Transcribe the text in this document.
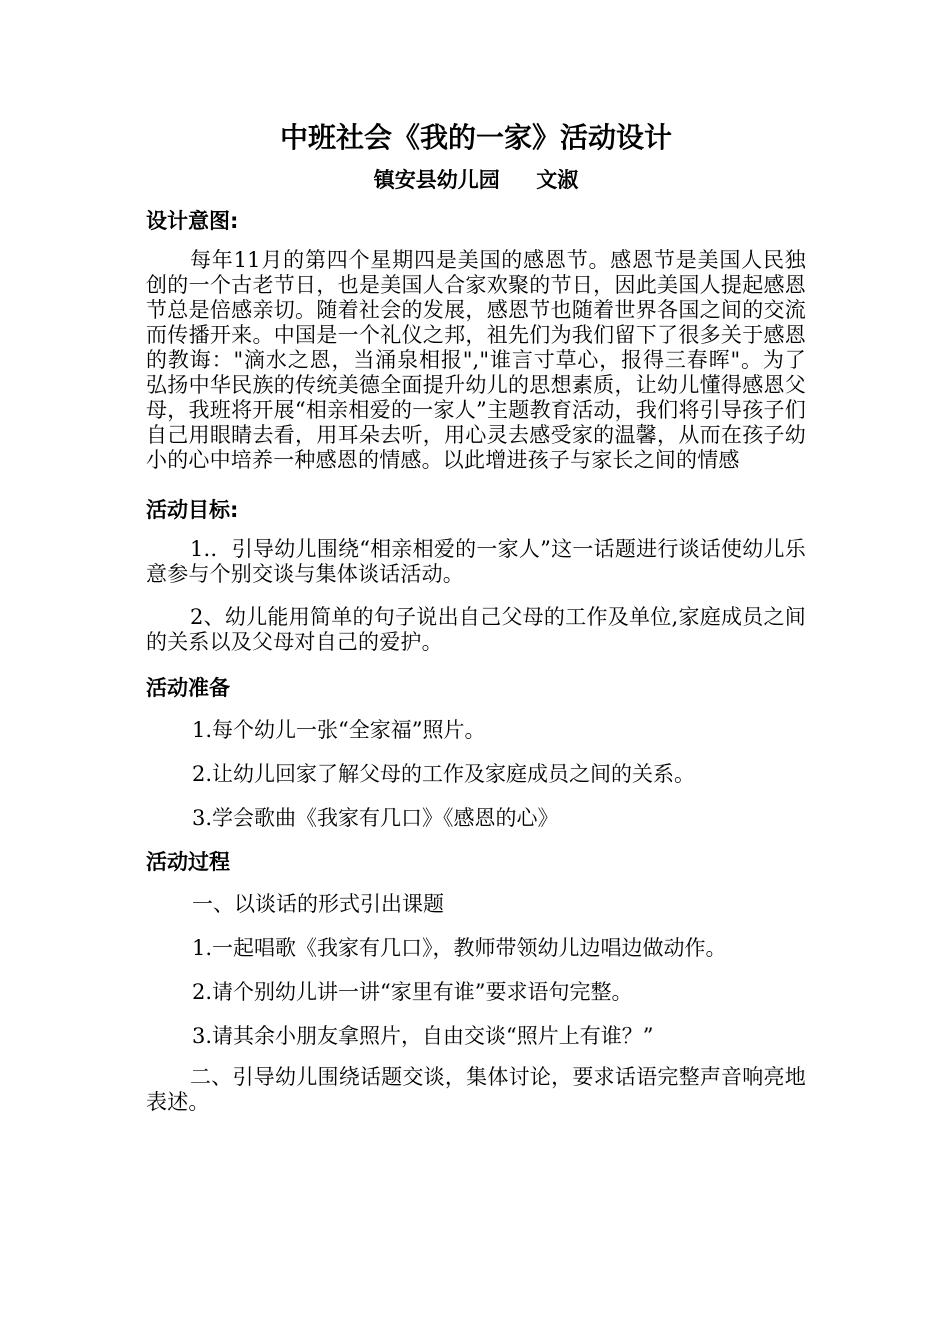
中班社会《我的一家》活动设计
镇安县幼儿园     文淑
设计意图:
每年11月的第四个星期四是美国的感恩节。感恩节是美国人民独创的一个古老节日，也是美国人合家欢聚的节日，因此美国人提起感恩节总是倍感亲切。随着社会的发展，感恩节也随着世界各国之间的交流而传播开来。中国是一个礼仪之邦，祖先们为我们留下了很多关于感恩的教诲："滴水之恩，当涌泉相报","谁言寸草心，报得三春晖"。为了弘扬中华民族的传统美德全面提升幼儿的思想素质，让幼儿懂得感恩父母，我班将开展“相亲相爱的一家人”主题教育活动，我们将引导孩子们自己用眼睛去看，用耳朵去听，用心灵去感受家的温馨，从而在孩子幼小的心中培养一种感恩的情感。以此增进孩子与家长之间的情感
活动目标:
1.．引导幼儿围绕“相亲相爱的一家人”这一话题进行谈话使幼儿乐意参与个别交谈与集体谈话活动。
2、幼儿能用简单的句子说出自己父母的工作及单位,家庭成员之间的关系以及父母对自己的爱护。
活动准备
1.每个幼儿一张“全家福”照片。
2.让幼儿回家了解父母的工作及家庭成员之间的关系。
3.学会歌曲《我家有几口》《感恩的心》
活动过程
一、以谈话的形式引出课题
1.一起唱歌《我家有几口》，教师带领幼儿边唱边做动作。
2.请个别幼儿讲一讲“家里有谁”要求语句完整。
3.请其余小朋友拿照片，自由交谈“照片上有谁？”
二、引导幼儿围绕话题交谈，集体讨论，要求话语完整声音响亮地表述。
